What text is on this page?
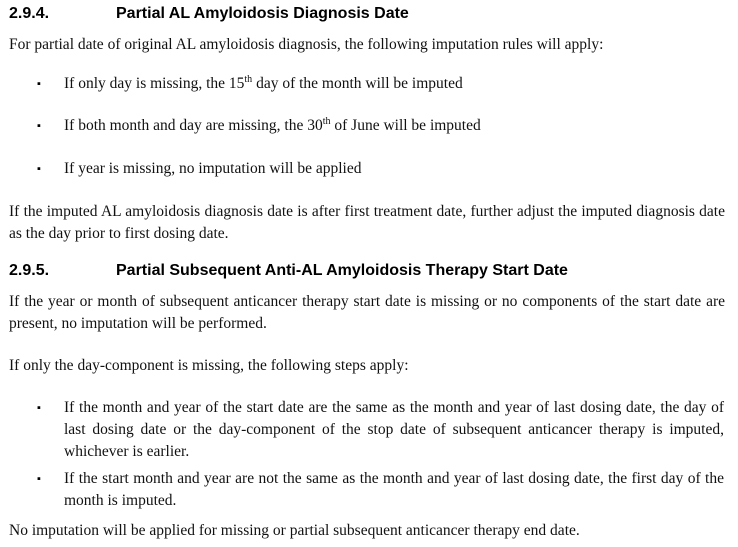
2.9.4.	Partial AL Amyloidosis Diagnosis Date
For partial date of original AL amyloidosis diagnosis, the following imputation rules will apply:
▪	If only day is missing, the 15th day of the month will be imputed
▪	If both month and day are missing, the 30th of June will be imputed
▪	If year is missing, no imputation will be applied
If the imputed AL amyloidosis diagnosis date is after first treatment date, further adjust the imputed diagnosis date as the day prior to first dosing date.
2.9.5.	Partial Subsequent Anti-AL Amyloidosis Therapy Start Date
If the year or month of subsequent anticancer therapy start date is missing or no components of the start date are present, no imputation will be performed.
If only the day-component is missing, the following steps apply:
▪	If the month and year of the start date are the same as the month and year of last dosing date, the day of last dosing date or the day-component of the stop date of subsequent anticancer therapy is imputed, whichever is earlier.
▪	If the start month and year are not the same as the month and year of last dosing date, the first day of the month is imputed.
No imputation will be applied for missing or partial subsequent anticancer therapy end date.
